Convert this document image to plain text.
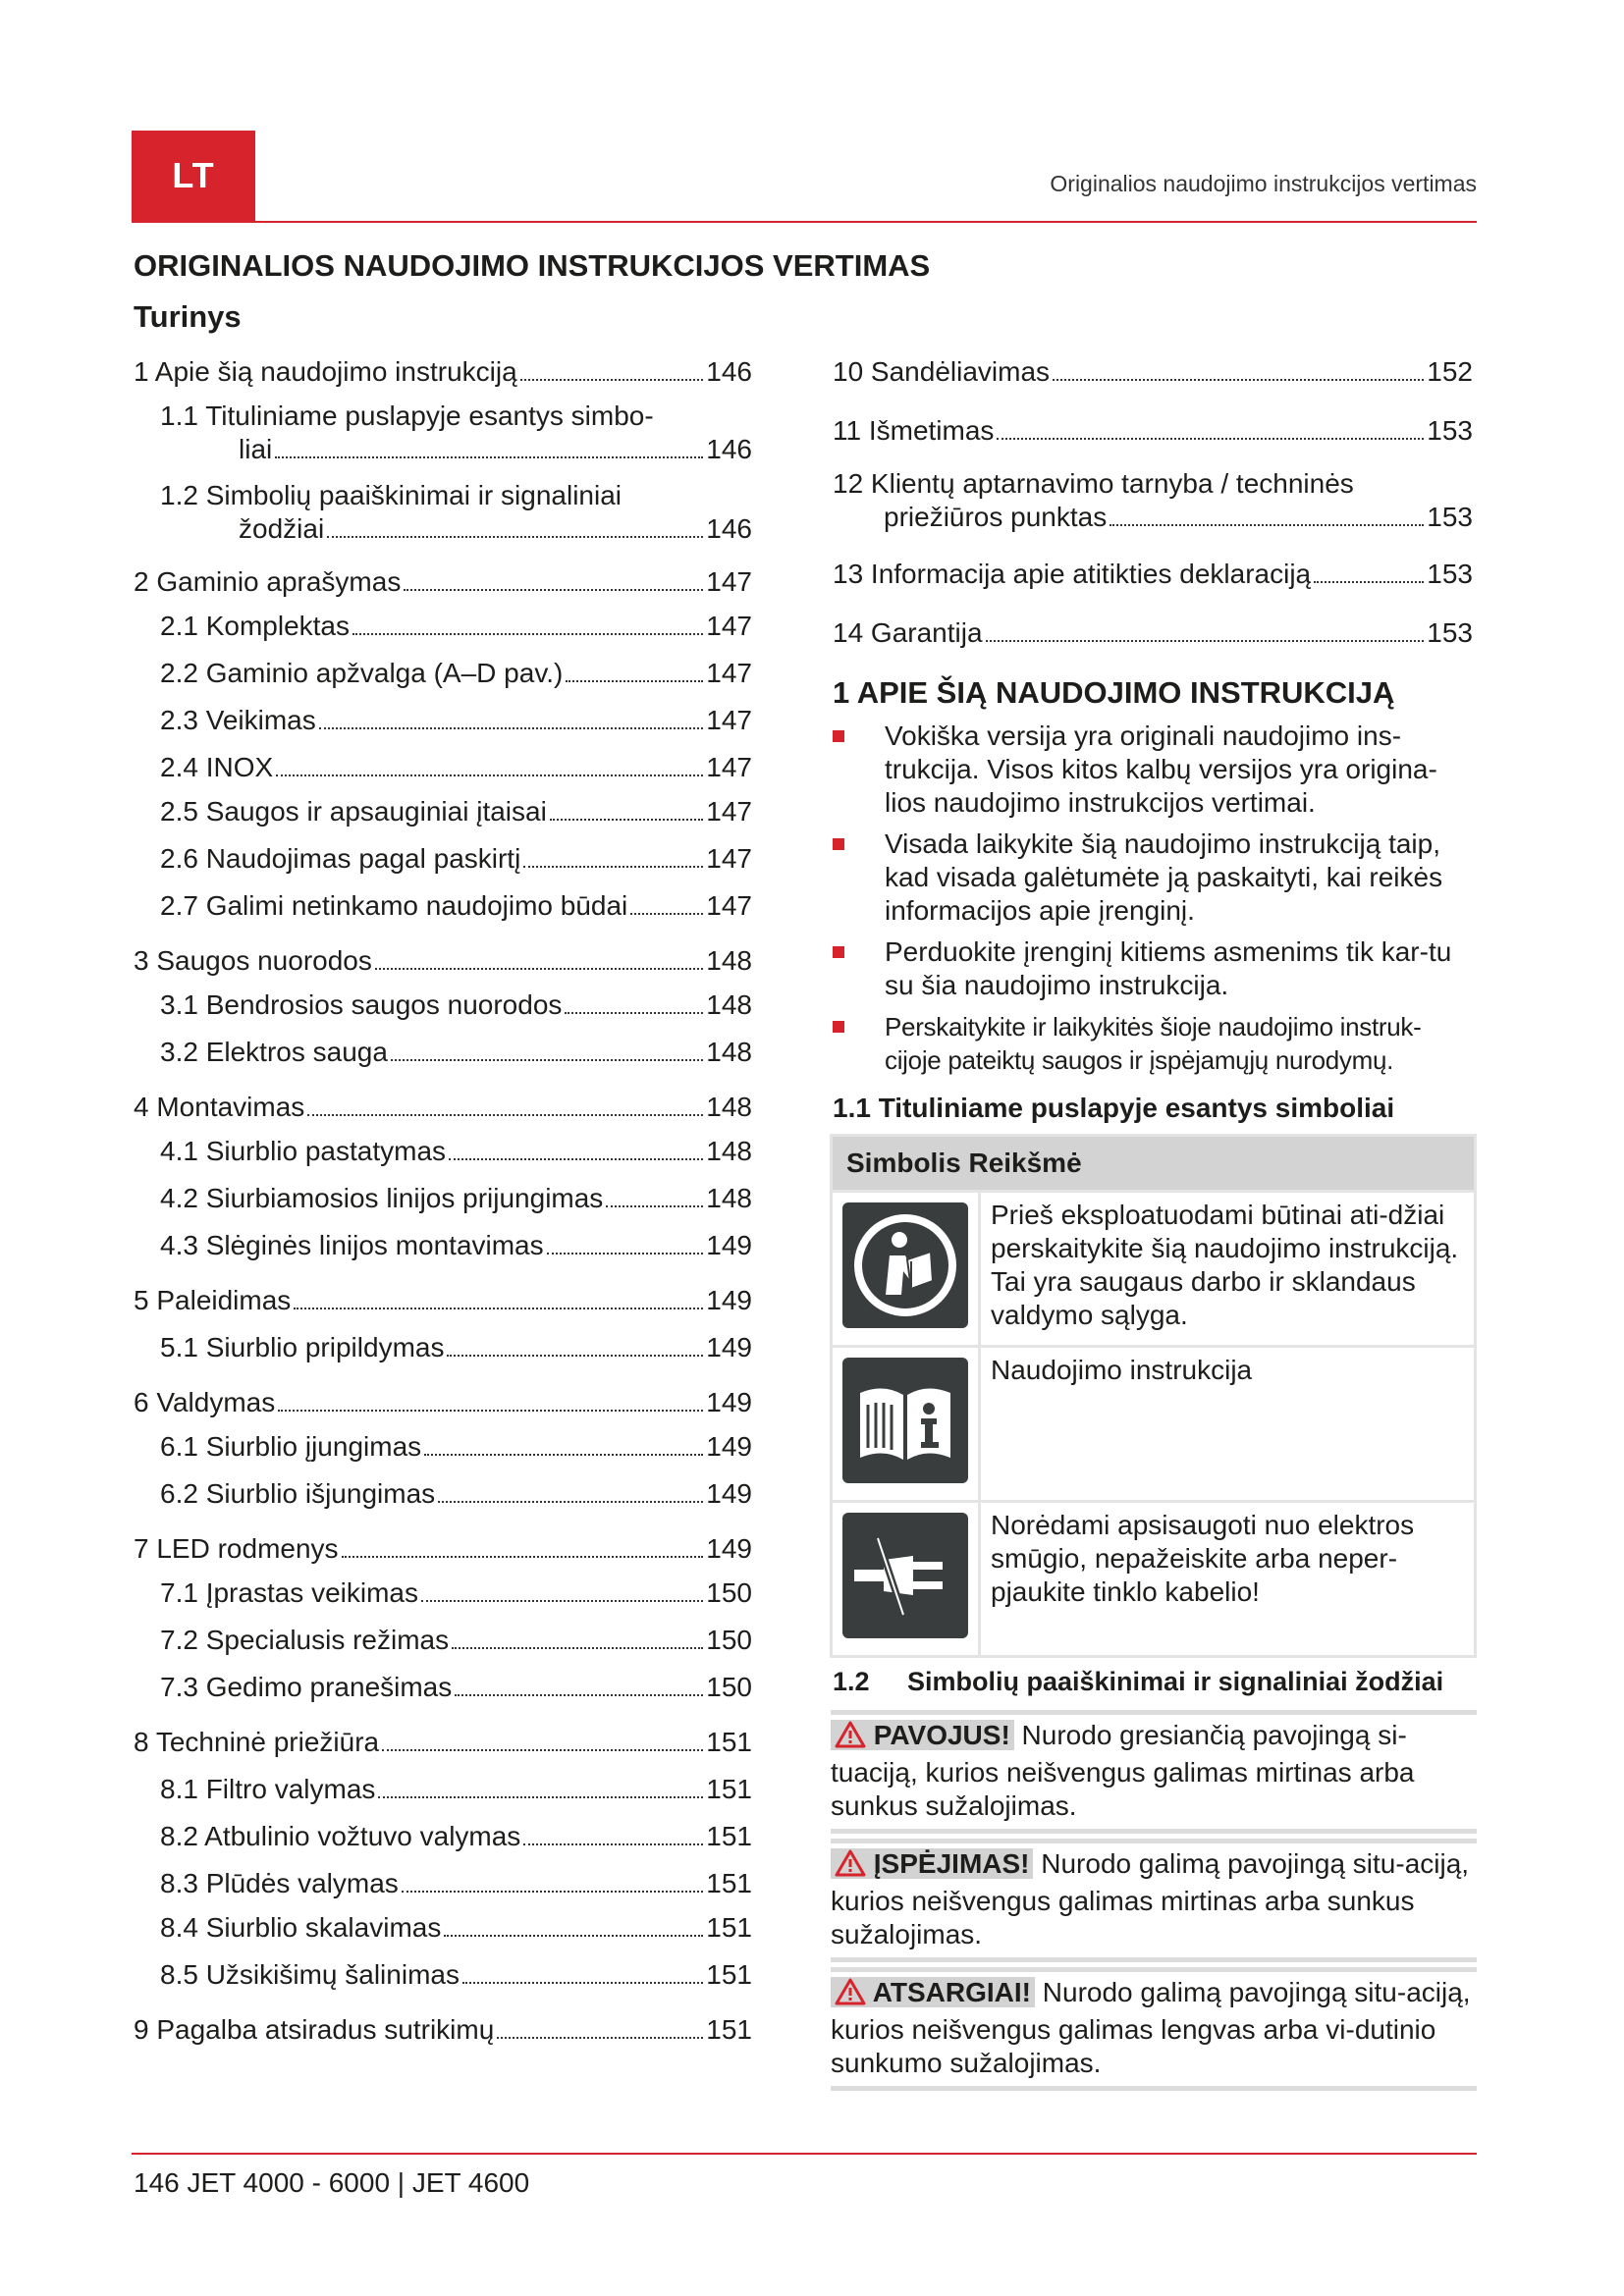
LT	Originalios naudojimo instrukcijos vertimas
ORIGINALIOS NAUDOJIMO INSTRUKCIJOS VERTIMAS
Turinys
1 Apie šią naudojimo instrukciją	146
1.1 Tituliniame puslapyje esantys simbo-
liai	146
1.2 Simbolių paaiškinimai ir signaliniai
žodžiai	146
2 Gaminio aprašymas	147
2.1 Komplektas	147
2.2 Gaminio apžvalga (A–D pav.)	147
2.3 Veikimas	147
2.4 INOX	147
2.5 Saugos ir apsauginiai įtaisai	147
2.6 Naudojimas pagal paskirtį	147
2.7 Galimi netinkamo naudojimo būdai	147
3 Saugos nuorodos	148
3.1 Bendrosios saugos nuorodos	148
3.2 Elektros sauga	148
4 Montavimas	148
4.1 Siurblio pastatymas	148
4.2 Siurbiamosios linijos prijungimas	148
4.3 Slėginės linijos montavimas	149
5 Paleidimas	149
5.1 Siurblio pripildymas	149
6 Valdymas	149
6.1 Siurblio įjungimas	149
6.2 Siurblio išjungimas	149
7 LED rodmenys	149
7.1 Įprastas veikimas	150
7.2 Specialusis režimas	150
7.3 Gedimo pranešimas	150
8 Techninė priežiūra	151
8.1 Filtro valymas	151
8.2 Atbulinio vožtuvo valymas	151
8.3 Plūdės valymas	151
8.4 Siurblio skalavimas	151
8.5 Užsikišimų šalinimas	151
9 Pagalba atsiradus sutrikimų	151
10 Sandėliavimas	152
11 Išmetimas	153
12 Klientų aptarnavimo tarnyba / techninės
priežiūros punktas	153
13 Informacija apie atitikties deklaraciją	153
14 Garantija	153
1 APIE ŠIĄ NAUDOJIMO INSTRUKCIJĄ
Vokiška versija yra originali naudojimo ins-trukcija. Visos kitos kalbų versijos yra origina-lios naudojimo instrukcijos vertimai.
Visada laikykite šią naudojimo instrukciją taip, kad visada galėtumėte ją paskaityti, kai reikės informacijos apie įrenginį.
Perduokite įrenginį kitiems asmenims tik kar-tu su šia naudojimo instrukcija.
Perskaitykite ir laikykitės šioje naudojimo instruk-cijoje pateiktų saugos ir įspėjamųjų nurodymų.
1.1 Tituliniame puslapyje esantys simboliai
Simbolis Reikšmė	

	Prieš eksploatuodami būtinai ati-džiai perskaitykite šią naudojimo instrukciją. Tai yra saugaus darbo ir sklandaus valdymo sąlyga.

	Naudojimo instrukcija

	Norėdami apsisaugoti nuo elektros smūgio, nepažeiskite arba neper-pjaukite tinklo kabelio!
1.2 Simbolių paaiškinimai ir signaliniai žodžiai
PAVOJUS! Nurodo gresiančią pavojingą si-tuaciją, kurios neišvengus galimas mirtinas arba sunkus sužalojimas.
ĮSPĖJIMAS! Nurodo galimą pavojingą situ-aciją, kurios neišvengus galimas mirtinas arba sunkus sužalojimas.
ATSARGIAI! Nurodo galimą pavojingą situ-aciją, kurios neišvengus galimas lengvas arba vi-dutinio sunkumo sužalojimas.
146 JET 4000 - 6000 | JET 4600
